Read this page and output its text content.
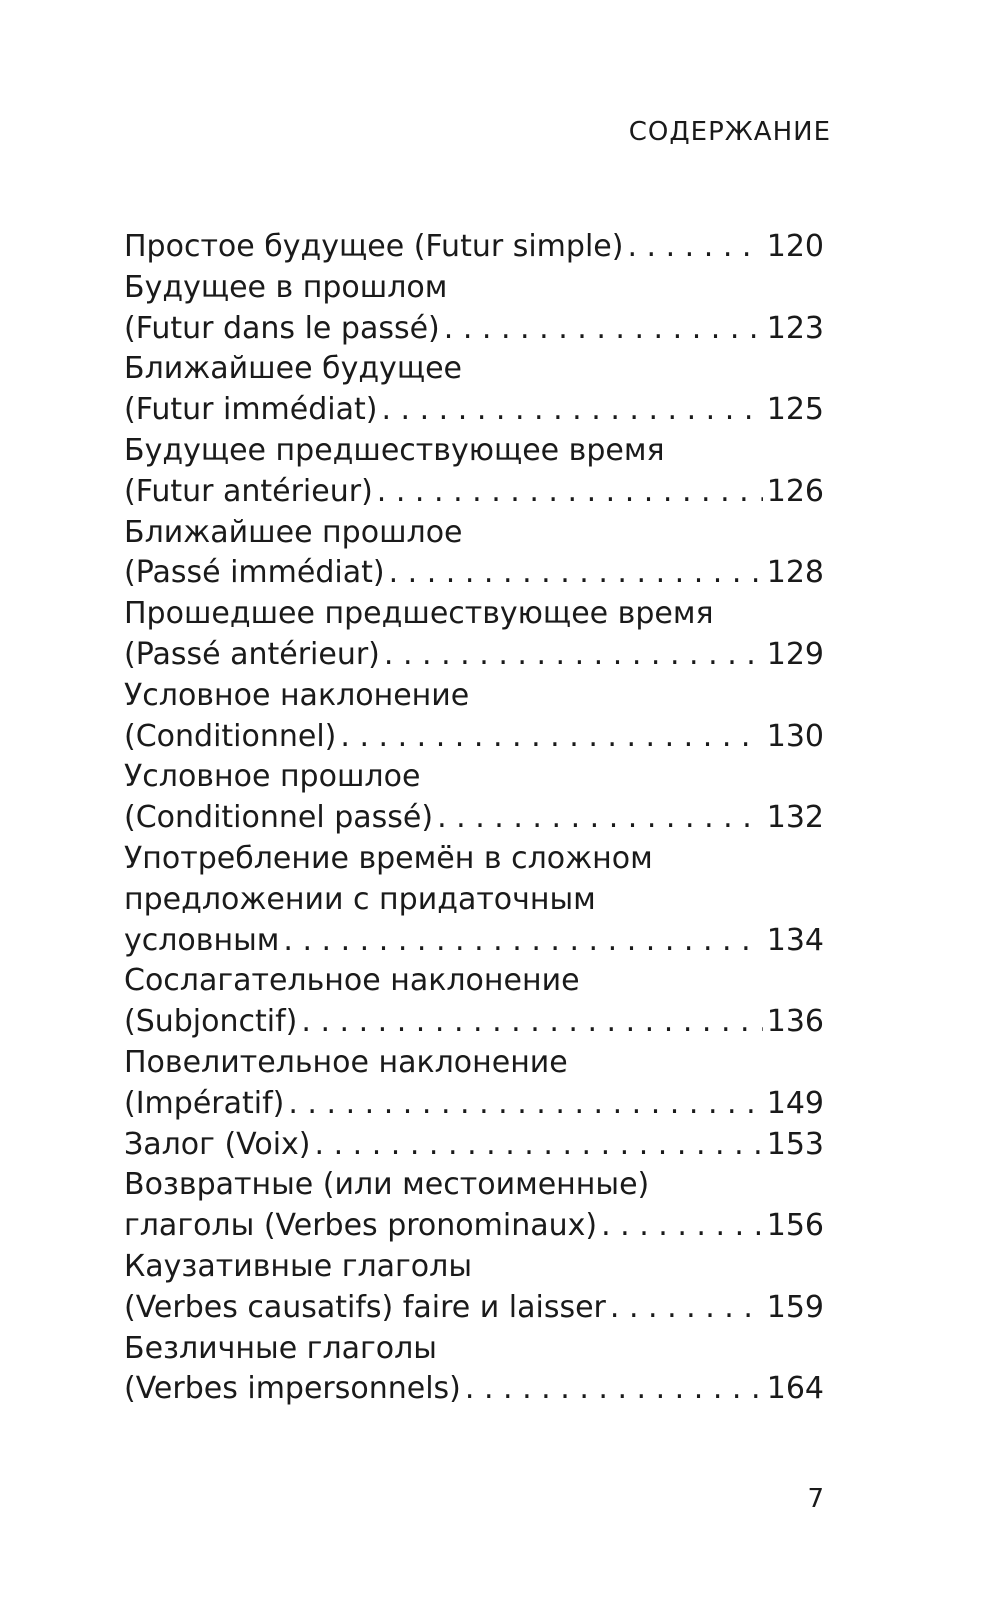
СОДЕРЖАНИЕ
Простое будущее (Futur simple) . . .	120
Будущее в прошлом
(Futur dans le passé) . . .	123
Ближайшее будущее
(Futur immédiat) . . .	125
Будущее предшествующее время
(Futur antérieur) . . .	126
Ближайшее прошлое
(Passé immédiat) . . .	128
Прошедшее предшествующее время
(Passé antérieur) . . .	129
Условное наклонение
(Conditionnel) . . .	130
Условное прошлое
(Conditionnel passé) . . .	132
Употребление времён в сложном
предложении с придаточным
условным . . .	134
Сослагательное наклонение
(Subjonctif) . . .	136
Повелительное наклонение
(Impératif) . . .	149
Залог (Voix) . . .	153
Возвратные (или местоименные)
глаголы (Verbes pronominaux) . . .	156
Каузативные глаголы
(Verbes causatifs) faire и laisser . . .	159
Безличные глаголы
(Verbes impersonnels) . . .	164
7
